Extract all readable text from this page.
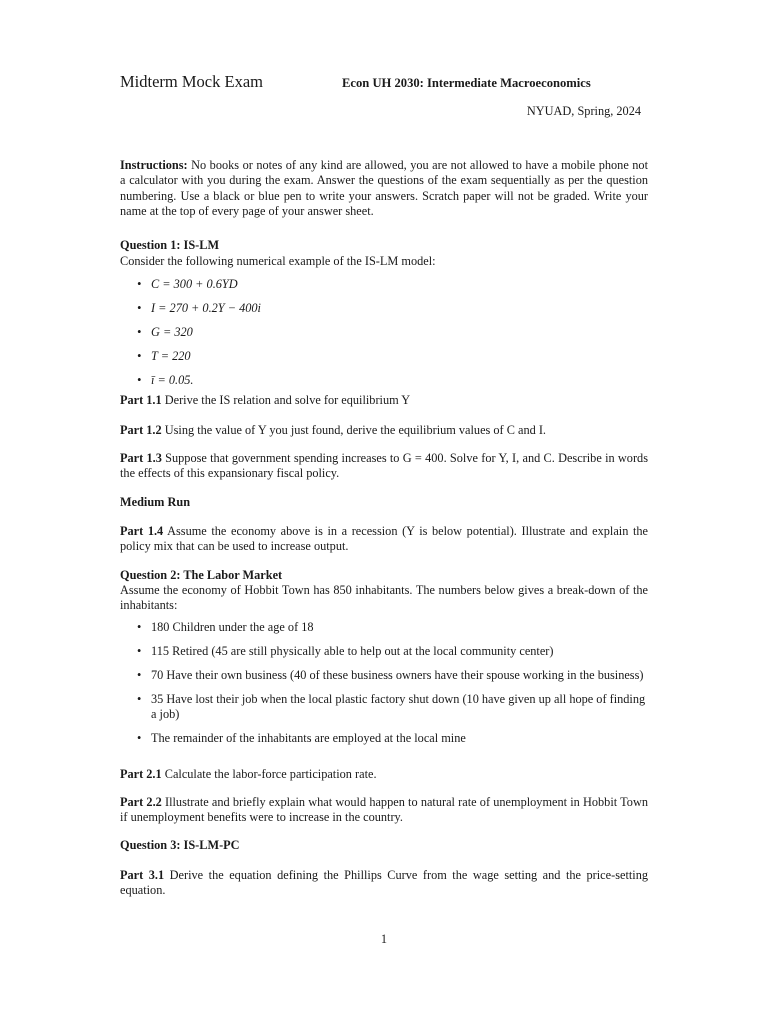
Midterm Mock Exam	Econ UH 2030: Intermediate Macroeconomics
NYUAD, Spring, 2024

Instructions: No books or notes of any kind are allowed, you are not allowed to have a mobile phone not a calculator with you during the exam. Answer the questions of the exam sequentially as per the question numbering. Use a black or blue pen to write your answers. Scratch paper will not be graded. Write your name at the top of every page of your answer sheet.

Question 1: IS-LM
Consider the following numerical example of the IS-LM model:
• C = 300 + 0.6YD
• I = 270 + 0.2Y − 400i
• G = 320
• T = 220
• ī = 0.05.

Part 1.1 Derive the IS relation and solve for equilibrium Y

Part 1.2 Using the value of Y you just found, derive the equilibrium values of C and I.

Part 1.3 Suppose that government spending increases to G = 400. Solve for Y, I, and C. Describe in words the effects of this expansionary fiscal policy.

Medium Run

Part 1.4 Assume the economy above is in a recession (Y is below potential). Illustrate and explain the policy mix that can be used to increase output.

Question 2: The Labor Market

Assume the economy of Hobbit Town has 850 inhabitants. The numbers below gives a break-down of the inhabitants:

• 180 Children under the age of 18
• 115 Retired (45 are still physically able to help out at the local community center)
• 70 Have their own business (40 of these business owners have their spouse working in the business)
• 35 Have lost their job when the local plastic factory shut down (10 have given up all hope of finding a job)
• The remainder of the inhabitants are employed at the local mine

Part 2.1 Calculate the labor-force participation rate.

Part 2.2 Illustrate and briefly explain what would happen to natural rate of unemployment in Hobbit Town if unemployment benefits were to increase in the country.

Question 3: IS-LM-PC

Part 3.1 Derive the equation defining the Phillips Curve from the wage setting and the price-setting equation.

1
